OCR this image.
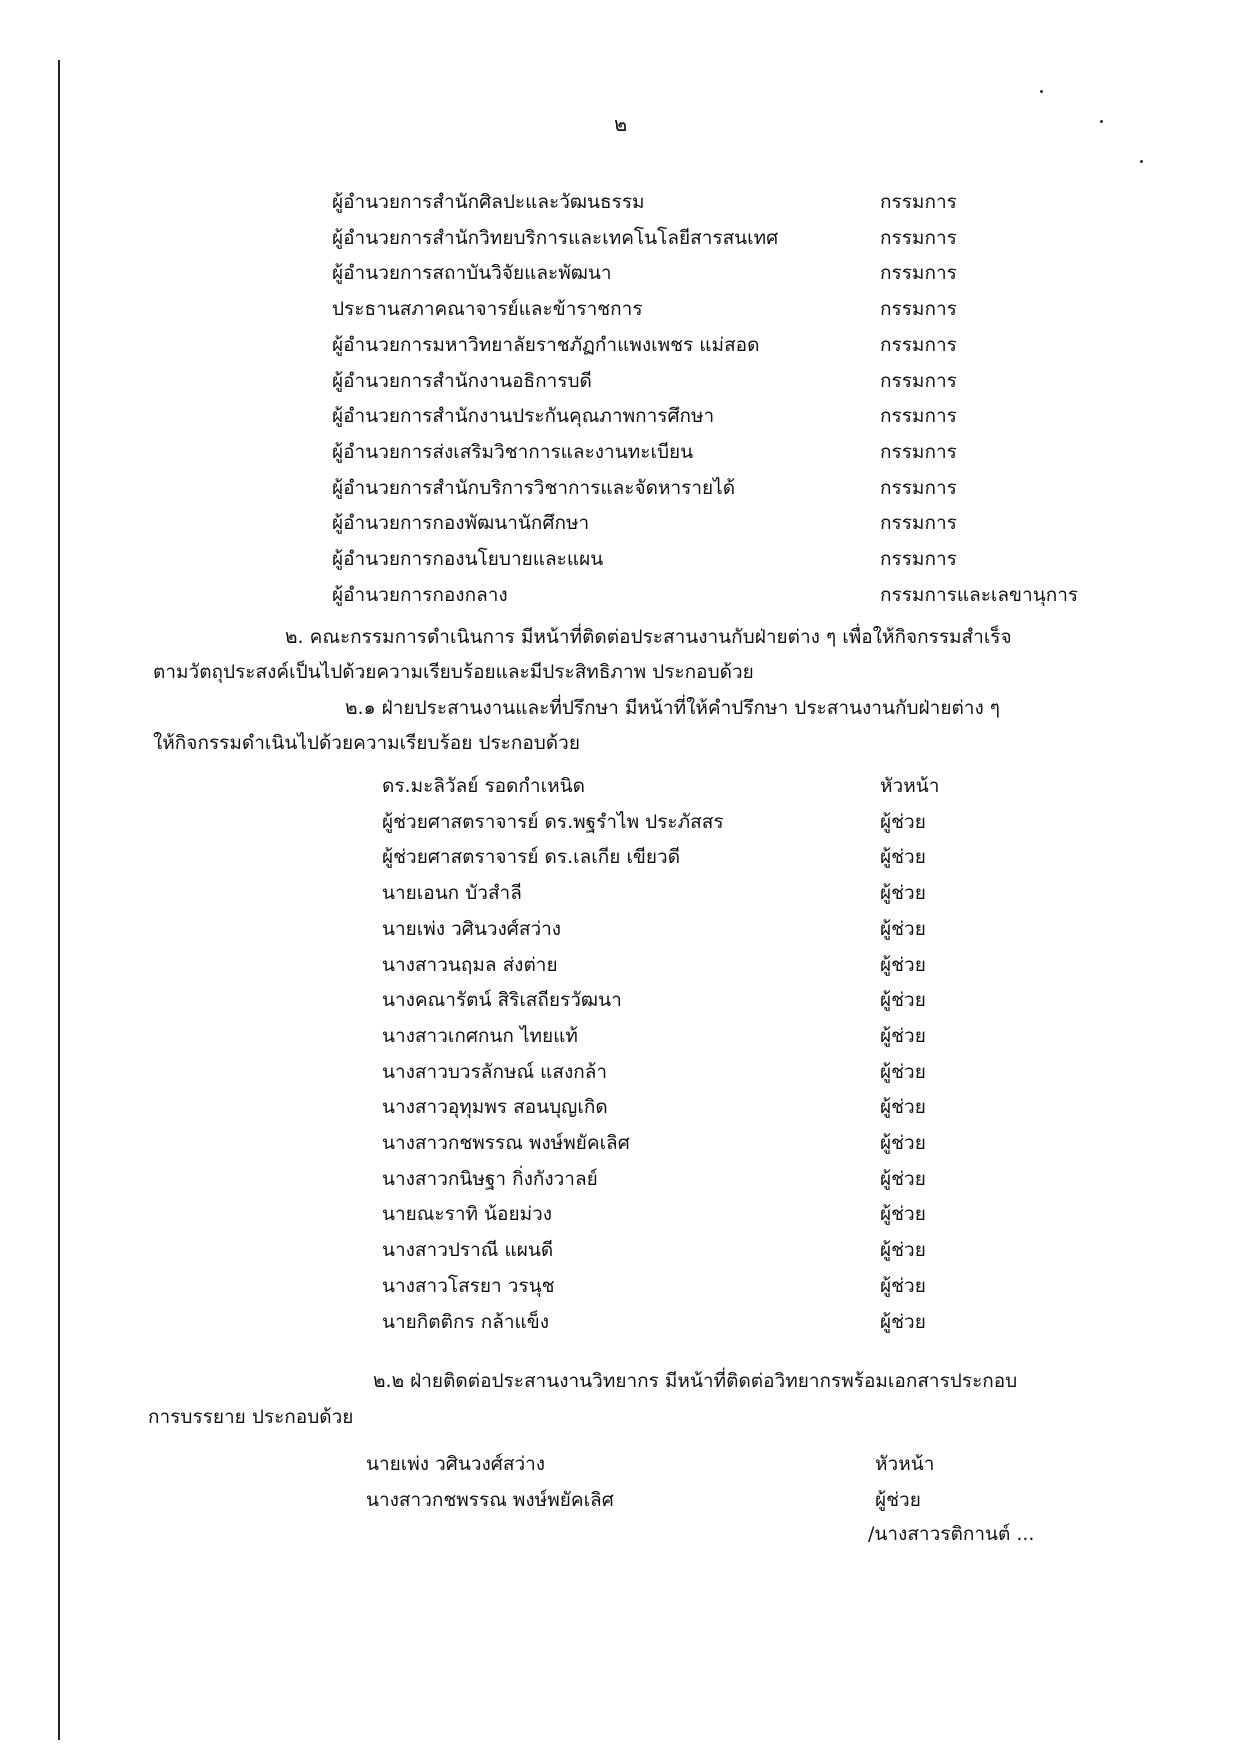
๒
ผู้อำนวยการสำนักศิลปะและวัฒนธรรม	กรรมการ
ผู้อำนวยการสำนักวิทยบริการและเทคโนโลยีสารสนเทศ	กรรมการ
ผู้อำนวยการสถาบันวิจัยและพัฒนา	กรรมการ
ประธานสภาคณาจารย์และข้าราชการ	กรรมการ
ผู้อำนวยการมหาวิทยาลัยราชภัฏกำแพงเพชร แม่สอด	กรรมการ
ผู้อำนวยการสำนักงานอธิการบดี	กรรมการ
ผู้อำนวยการสำนักงานประกันคุณภาพการศึกษา	กรรมการ
ผู้อำนวยการส่งเสริมวิชาการและงานทะเบียน	กรรมการ
ผู้อำนวยการสำนักบริการวิชาการและจัดหารายได้	กรรมการ
ผู้อำนวยการกองพัฒนานักศึกษา	กรรมการ
ผู้อำนวยการกองนโยบายและแผน	กรรมการ
ผู้อำนวยการกองกลาง	กรรมการและเลขานุการ
๒. คณะกรรมการดำเนินการ มีหน้าที่ติดต่อประสานงานกับฝ่ายต่าง ๆ เพื่อให้กิจกรรมสำเร็จ
ตามวัตถุประสงค์เป็นไปด้วยความเรียบร้อยและมีประสิทธิภาพ ประกอบด้วย
๒.๑ ฝ่ายประสานงานและที่ปรึกษา มีหน้าที่ให้คำปรึกษา ประสานงานกับฝ่ายต่าง ๆ
ให้กิจกรรมดำเนินไปด้วยความเรียบร้อย ประกอบด้วย
ดร.มะลิวัลย์ รอดกำเหนิด	หัวหน้า
ผู้ช่วยศาสตราจารย์ ดร.พฐรำไพ ประภัสสร	ผู้ช่วย
ผู้ช่วยศาสตราจารย์ ดร.เลเกีย เขียวดี	ผู้ช่วย
นายเอนก บัวสำลี	ผู้ช่วย
นายเพ่ง วศินวงศ์สว่าง	ผู้ช่วย
นางสาวนฤมล ส่งต่าย	ผู้ช่วย
นางคณารัตน์ สิริเสถียรวัฒนา	ผู้ช่วย
นางสาวเกศกนก ไทยแท้	ผู้ช่วย
นางสาวบวรลักษณ์ แสงกล้า	ผู้ช่วย
นางสาวอุทุมพร สอนบุญเกิด	ผู้ช่วย
นางสาวกชพรรณ พงษ์พยัคเลิศ	ผู้ช่วย
นางสาวกนิษฐา กิ่งกังวาลย์	ผู้ช่วย
นายณะราทิ น้อยม่วง	ผู้ช่วย
นางสาวปราณี แผนดี	ผู้ช่วย
นางสาวโสรยา วรนุช	ผู้ช่วย
นายกิตติกร กล้าแข็ง	ผู้ช่วย
๒.๒ ฝ่ายติดต่อประสานงานวิทยากร มีหน้าที่ติดต่อวิทยากรพร้อมเอกสารประกอบ
การบรรยาย ประกอบด้วย
นายเพ่ง วศินวงศ์สว่าง	หัวหน้า
นางสาวกชพรรณ พงษ์พยัคเลิศ	ผู้ช่วย
/นางสาวรติกานต์ ...
